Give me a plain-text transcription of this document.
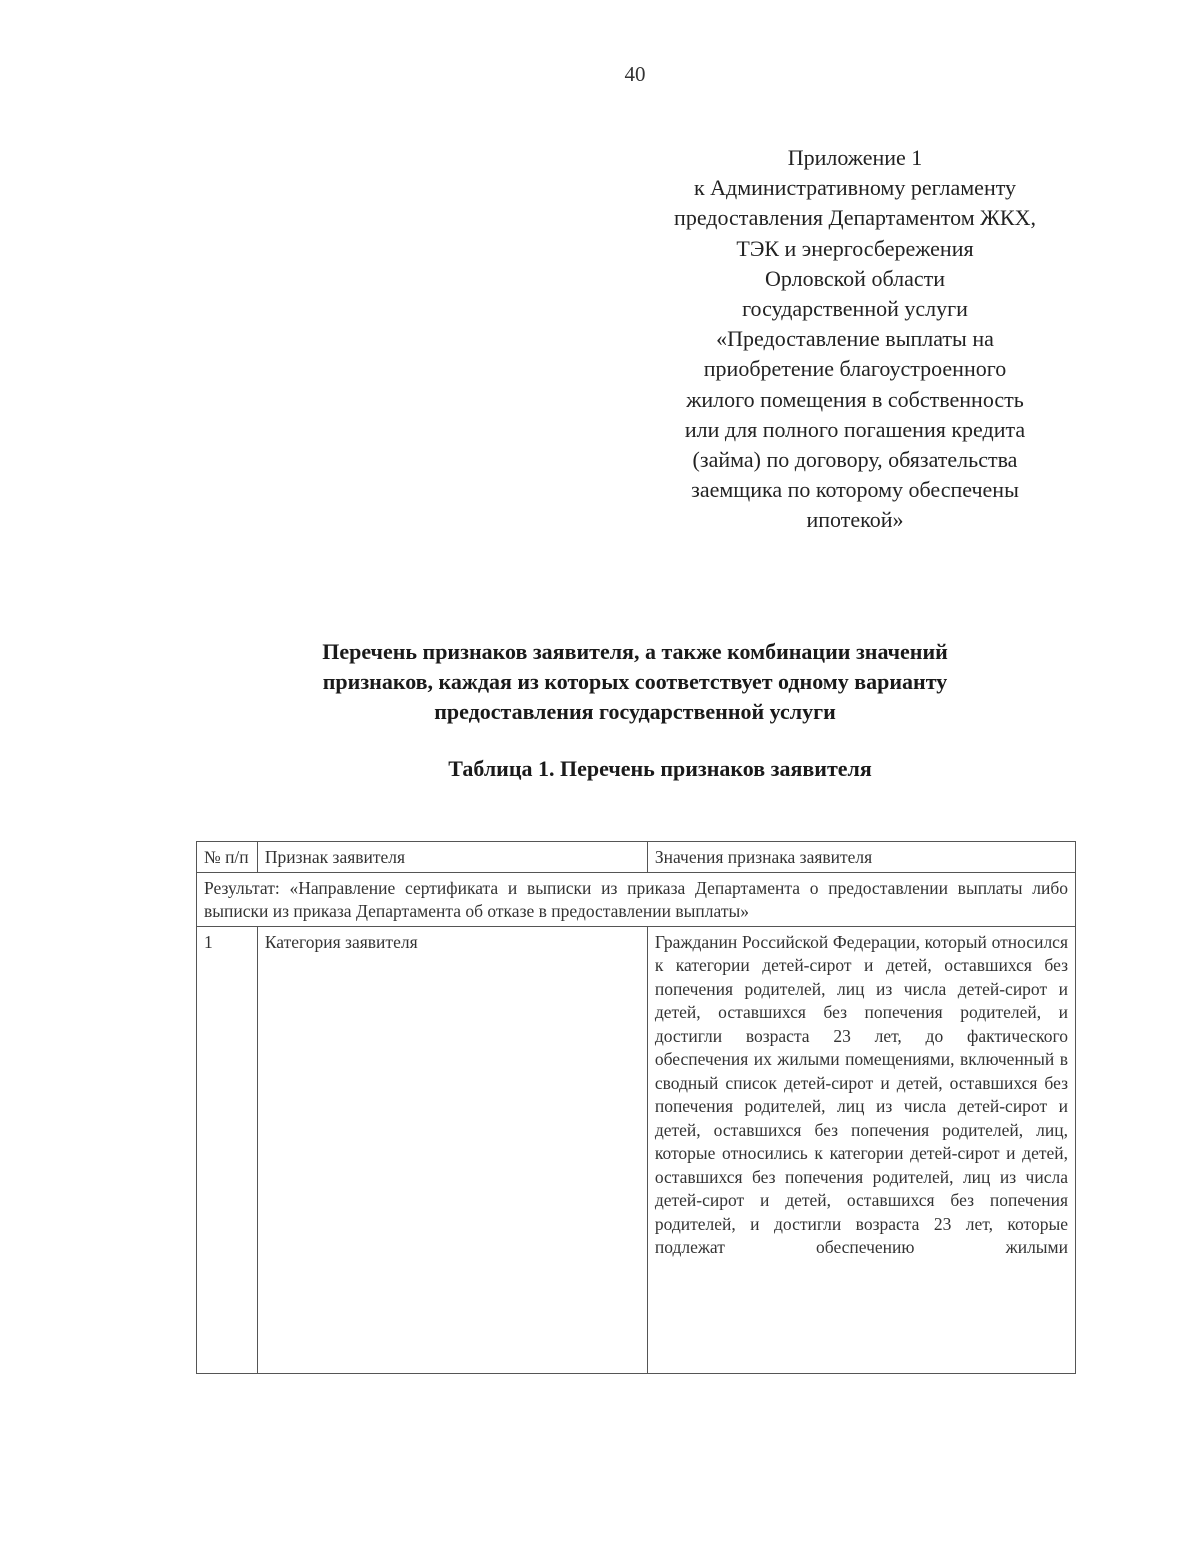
40
Приложение 1
к Административному регламенту
предоставления Департаментом ЖКХ,
ТЭК и энергосбережения
Орловской области
государственной услуги
«Предоставление выплаты на
приобретение благоустроенного
жилого помещения в собственность
или для полного погашения кредита
(займа) по договору, обязательства
заемщика по которому обеспечены
ипотекой»
Перечень признаков заявителя, а также комбинации значений
признаков, каждая из которых соответствует одному варианту
предоставления государственной услуги
Таблица 1. Перечень признаков заявителя
№ п/п	Признак заявителя	Значения признака заявителя
Результат: «Направление сертификата и выписки из приказа Департамента о предоставлении выплаты либо выписки из приказа Департамента об отказе в предоставлении выплаты»		
1	Категория заявителя	Гражданин Российской Федерации, который относился к категории детей-сирот и детей, оставшихся без попечения родителей, лиц из числа детей-сирот и детей, оставшихся без попечения родителей, и достигли возраста 23 лет, до фактического обеспечения их жилыми помещениями, включенный в сводный список детей-сирот и детей, оставшихся без попечения родителей, лиц из числа детей-сирот и детей, оставшихся без попечения родителей, лиц, которые относились к категории детей-сирот и детей, оставшихся без попечения родителей, лиц из числа детей-сирот и детей, оставшихся без попечения родителей, и достигли возраста 23 лет, которые подлежат обеспечению жилыми
